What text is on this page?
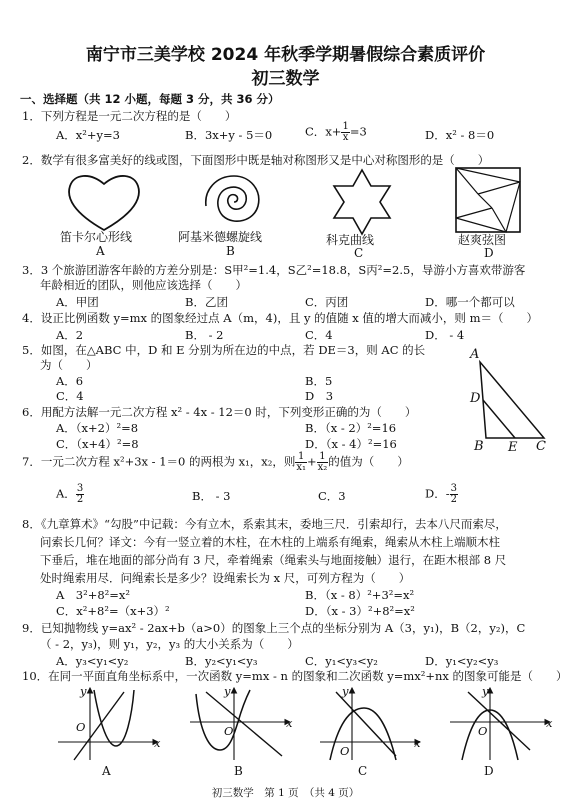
南宁市三美学校 2024 年秋季学期暑假综合素质评价
初三数学
一、选择题（共 12 小题，每题 3 分，共 36 分）
1．下列方程是一元二次方程的是（　　）
A．x²+y=3	B．3x+y - 5＝0	C．$x+ \frac{1}{x} =3$	D．x² - 8＝0
2．数学有很多富美好的线或图，下面图形中既是轴对称图形又是中心对称图形的是（　　）
笛卡尔心形线	阿基米德螺旋线	科克曲线	赵爽弦图
A	B	C	D
3．3 个旅游团游客年龄的方差分别是：S甲²=1.4，S乙²=18.8，S丙²=2.5，导游小方喜欢带游客
年龄相近的团队，则他应该选择（　　）
A．甲团	B．乙团	C．丙团	D．哪一个都可以
4．设正比例函数 y=mx 的图象经过点 A（m，4)，且 y 的值随 x 值的增大而减小，则 m＝（　　）
A．2	B． - 2	C．4	D． - 4
5．如图，在△ABC 中，D 和 E 分别为所在边的中点，若 DE＝3，则 AC 的长
为（　　）
A．6	B．5
C．4	D　3
A
D
B E C
6．用配方法解一元二次方程 x² - 4x - 12＝0 时，下列变形正确的为（　　）
A．（x+2）²=8	B．（x - 2）²=16
C．（x+4）²=8	D．（x - 4）²=16
7．一元二次方程 x²+3x - 1＝0 的两根为 x₁，x₂，则 $\frac{1}{\text{x₁}} + \frac{1}{\text{x₂}}$ 的值为（　　）
A． $\frac{3}{2}$	B． - 3	C．3	D．- $\frac{3}{2}$
8．《九章算术》“勾股”中记载：今有立木，系索其末，委地三尺．引索却行，去本八尺而索尽，
问索长几何？译文：今有一竖立着的木柱，在木柱的上端系有绳索，绳索从木柱上端顺木柱
下垂后，堆在地面的部分尚有 3 尺，牵着绳索（绳索头与地面接触）退行，在距木根部 8 尺
处时绳索用尽．问绳索长是多少？设绳索长为 x 尺，可列方程为（　　）
A　3²+8²=x²	B．（x - 8）²+3²=x²
C．x²+8²=（x+3）²	D．（x - 3）²+8²=x²
9．已知抛物线 y=ax² - 2ax+b（a>0）的图象上三个点的坐标分别为 A（3，y₁)，B（2，y₂)，C
（ - 2，y₃)，则 y₁，y₂，y₃ 的大小关系为（　　）
A．y₃<y₁<y₂	B．y₂<y₁<y₃	C．y₁<y₃<y₂	D．y₁<y₂<y₃
10．在同一平面直角坐标系中，一次函数 y=mx - n 的图象和二次函数 y=mx²+nx 的图象可能是（　　）
y
x
O
y
x
O
y
x
O
y
x
O
A	B	C	D
初三数学　第 1 页　（共 4 页）
